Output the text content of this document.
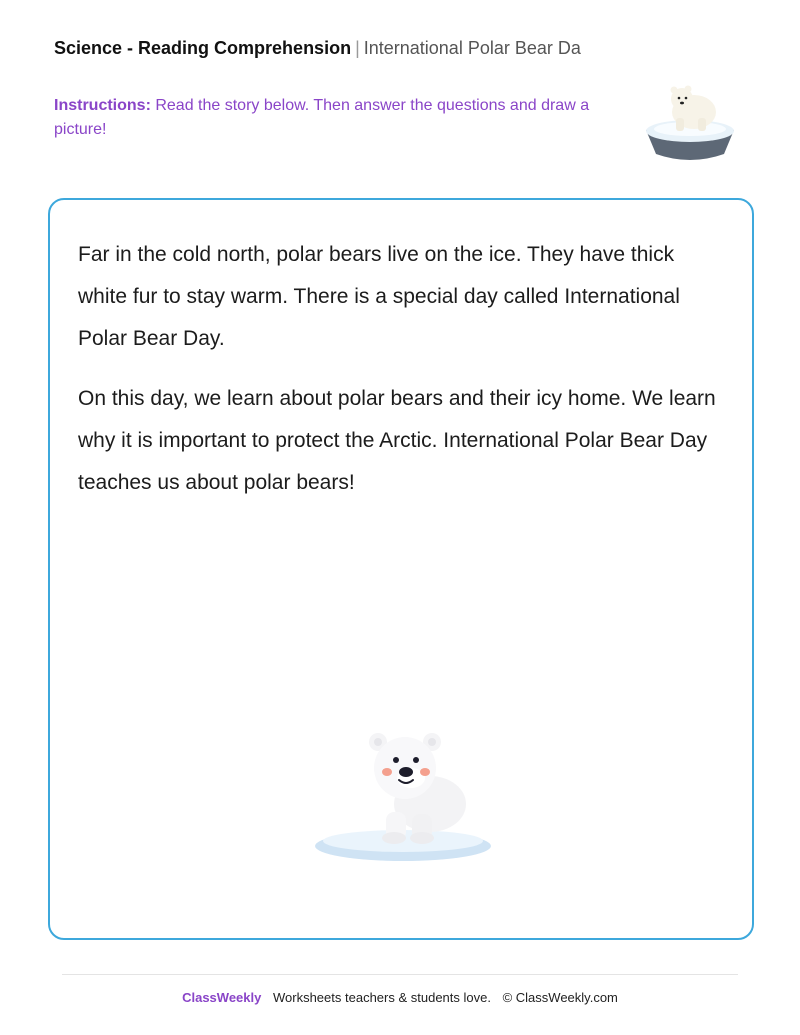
Science - Reading Comprehension | International Polar Bear Da
Instructions: Read the story below. Then answer the questions and draw a picture!

Far in the cold north, polar bears live on the ice. They have thick white fur to stay warm. There is a special day called International Polar Bear Day.

On this day, we learn about polar bears and their icy home. We learn why it is important to protect the Arctic. International Polar Bear Day teaches us about polar bears!

ClassWeekly Worksheets teachers & students love. © ClassWeekly.com
